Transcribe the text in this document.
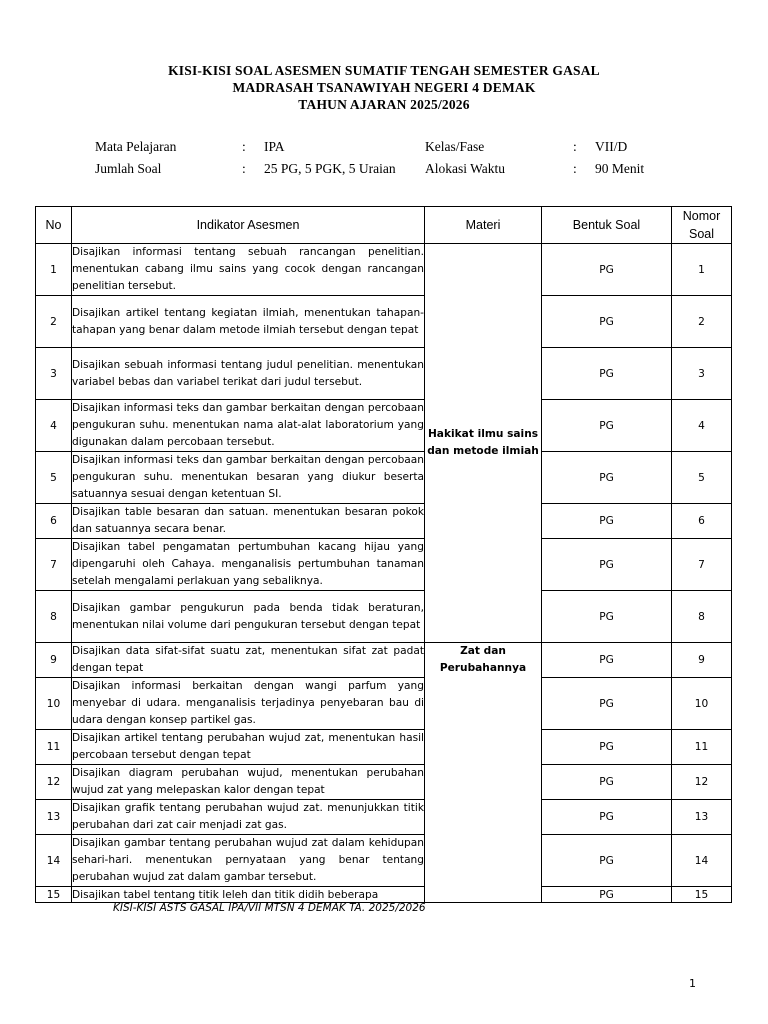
KISI-KISI SOAL ASESMEN SUMATIF TENGAH SEMESTER GASAL
MADRASAH TSANAWIYAH NEGERI 4 DEMAK
TAHUN AJARAN 2025/2026
Mata Pelajaran	: IPA	Kelas/Fase	: VII/D
Jumlah Soal	: 25 PG, 5 PGK, 5 Uraian Alokasi Waktu	: 90 Menit
No	Indikator Asesmen	Materi	Bentuk Soal	Nomor Soal
1	Disajikan informasi tentang sebuah rancangan penelitian. menentukan cabang ilmu sains yang cocok dengan rancangan penelitian tersebut.	Hakikat ilmu sains dan metode ilmiah	PG	1
2	Disajikan artikel tentang kegiatan ilmiah, menentukan tahapan-tahapan yang benar dalam metode ilmiah tersebut dengan tepat		PG	2
3	Disajikan sebuah informasi tentang judul penelitian. menentukan variabel bebas dan variabel terikat dari judul tersebut.		PG	3
4	Disajikan informasi teks dan gambar berkaitan dengan percobaan pengukuran suhu. menentukan nama alat-alat laboratorium yang digunakan dalam percobaan tersebut.		PG	4
5	Disajikan informasi teks dan gambar berkaitan dengan percobaan pengukuran suhu. menentukan besaran yang diukur beserta satuannya sesuai dengan ketentuan SI.		PG	5
6	Disajikan table besaran dan satuan. menentukan besaran pokok dan satuannya secara benar.		PG	6
7	Disajikan tabel pengamatan pertumbuhan kacang hijau yang dipengaruhi oleh Cahaya. menganalisis pertumbuhan tanaman setelah mengalami perlakuan yang sebaliknya.		PG	7
8	Disajikan gambar pengukurun pada benda tidak beraturan, menentukan nilai volume dari pengukuran tersebut dengan tepat		PG	8
9	Disajikan data sifat-sifat suatu zat, menentukan sifat zat padat dengan tepat	Zat dan Perubahannya	PG	9
10	Disajikan informasi berkaitan dengan wangi parfum yang menyebar di udara. menganalisis terjadinya penyebaran bau di udara dengan konsep partikel gas.		PG	10
11	Disajikan artikel tentang perubahan wujud zat, menentukan hasil percobaan tersebut dengan tepat		PG	11
12	Disajikan diagram perubahan wujud, menentukan perubahan wujud zat yang melepaskan kalor dengan tepat		PG	12
13	Disajikan grafik tentang perubahan wujud zat. menunjukkan titik perubahan dari zat cair menjadi zat gas.		PG	13
14	Disajikan gambar tentang perubahan wujud zat dalam kehidupan sehari-hari. menentukan pernyataan yang benar tentang perubahan wujud zat dalam gambar tersebut.		PG	14
15	Disajikan tabel tentang titik leleh dan titik didih beberapa		PG	15
KISI-KISI ASTS GASAL IPA/VII MTSN 4 DEMAK TA. 2025/2026
1
